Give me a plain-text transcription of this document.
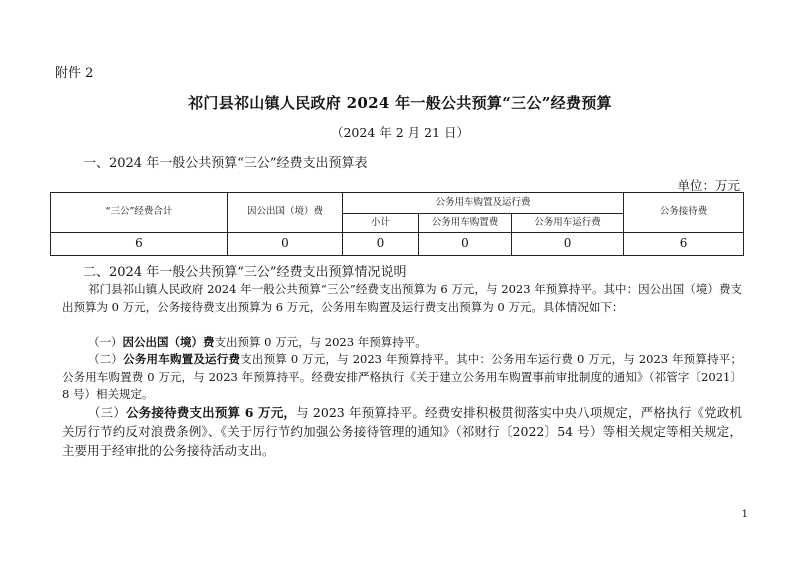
附件 2
祁门县祁山镇人民政府 2024 年一般公共预算“三公”经费预算
（2024 年 2 月 21 日）
一、2024 年一般公共预算“三公”经费支出预算表
单位：万元
“三公”经费合计	因公出国（境）费	公务用车购置及运行费			公务接待费
		小计	公务用车购置费	公务用车运行费	
6	0	0	0	0	6
二、2024 年一般公共预算“三公”经费支出预算情况说明
祁门县祁山镇人民政府 2024 年一般公共预算“三公”经费支出预算为 6 万元，与 2023 年预算持平。其中：因公出国（境）费支出预算为 0 万元，公务接待费支出预算为 6 万元，公务用车购置及运行费支出预算为 0 万元。具体情况如下：
（一）因公出国（境）费支出预算 0 万元，与 2023 年预算持平。
（二）公务用车购置及运行费支出预算 0 万元，与 2023 年预算持平。其中：公务用车运行费 0 万元，与 2023 年预算持平；公务用车购置费 0 万元，与 2023 年预算持平。经费安排严格执行《关于建立公务用车购置事前审批制度的通知》（祁管字〔2021〕8 号）相关规定。
（三）公务接待费支出预算 6 万元，与 2023 年预算持平。经费安排积极贯彻落实中央八项规定，严格执行《党政机关厉行节约反对浪费条例》、《关于厉行节约加强公务接待管理的通知》（祁财行〔2022〕54 号）等相关规定等相关规定，主要用于经审批的公务接待活动支出。
1
